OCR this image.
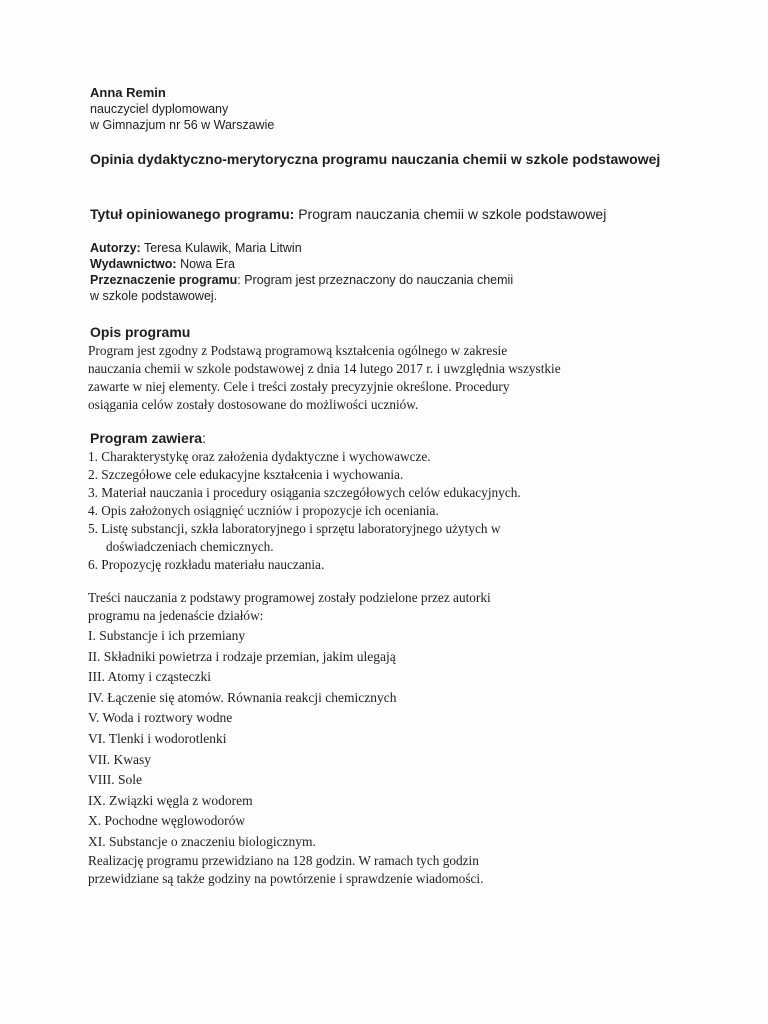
Anna Remin
nauczyciel dyplomowany
w Gimnazjum nr 56 w Warszawie
Opinia dydaktyczno-merytoryczna programu nauczania chemii w szkole podstawowej
Tytuł opiniowanego programu: Program nauczania chemii w szkole podstawowej
Autorzy: Teresa Kulawik, Maria Litwin
Wydawnictwo: Nowa Era
Przeznaczenie programu: Program jest przeznaczony do nauczania chemii
w szkole podstawowej.
Opis programu
Program jest zgodny z Podstawą programową kształcenia ogólnego w zakresie
nauczania chemii w szkole podstawowej z dnia 14 lutego 2017 r. i uwzględnia wszystkie
zawarte w niej elementy. Cele i treści zostały precyzyjnie określone. Procedury
osiągania celów zostały dostosowane do możliwości uczniów.
Program zawiera:
1. Charakterystykę oraz założenia dydaktyczne i wychowawcze.
2. Szczegółowe cele edukacyjne kształcenia i wychowania.
3. Materiał nauczania i procedury osiągania szczegółowych celów edukacyjnych.
4. Opis założonych osiągnięć uczniów i propozycje ich oceniania.
5. Listę substancji, szkła laboratoryjnego i sprzętu laboratoryjnego użytych w
doświadczeniach chemicznych.
6. Propozycję rozkładu materiału nauczania.
Treści nauczania z podstawy programowej zostały podzielone przez autorki
programu na jedenaście działów:
I. Substancje i ich przemiany
II. Składniki powietrza i rodzaje przemian, jakim ulegają
III. Atomy i cząsteczki
IV. Łączenie się atomów. Równania reakcji chemicznych
V. Woda i roztwory wodne
VI. Tlenki i wodorotlenki
VII. Kwasy
VIII. Sole
IX. Związki węgla z wodorem
X. Pochodne węglowodorów
XI. Substancje o znaczeniu biologicznym.
Realizację programu przewidziano na 128 godzin. W ramach tych godzin
przewidziane są także godziny na powtórzenie i sprawdzenie wiadomości.
